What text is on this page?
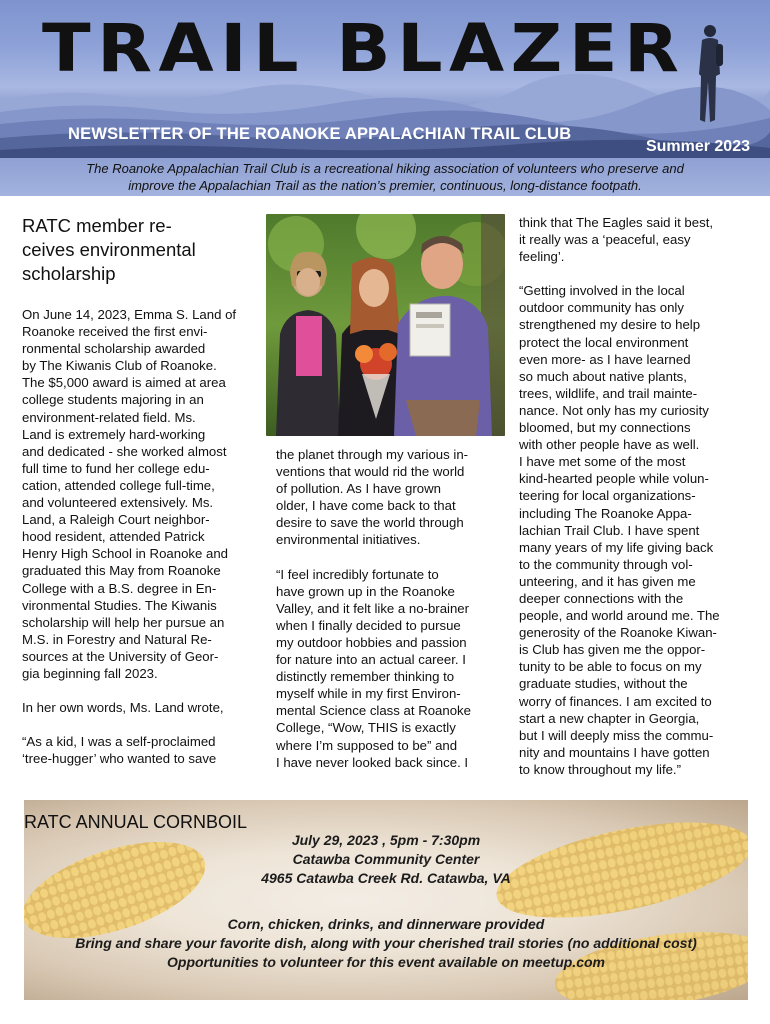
TRAIL BLAZER
NEWSLETTER OF THE ROANOKE APPALACHIAN TRAIL CLUB
Summer 2023
The Roanoke Appalachian Trail Club is a recreational hiking association of volunteers who preserve and
improve the Appalachian Trail as the nation’s premier, continuous, long-distance footpath.
RATC member re-
ceives environmental
scholarship

On June 14, 2023, Emma S. Land of
Roanoke received the first envi-
ronmental scholarship awarded
by The Kiwanis Club of Roanoke.
The $5,000 award is aimed at area
college students majoring in an
environment-related field. Ms.
Land is extremely hard-working
and dedicated - she worked almost
full time to fund her college edu-
cation, attended college full-time,
and volunteered extensively. Ms.
Land, a Raleigh Court neighbor-
hood resident, attended Patrick
Henry High School in Roanoke and
graduated this May from Roanoke
College with a B.S. degree in En-
vironmental Studies. The Kiwanis
scholarship will help her pursue an
M.S. in Forestry and Natural Re-
sources at the University of Geor-
gia beginning fall 2023.

In her own words, Ms. Land wrote,

“As a kid, I was a self-proclaimed
‘tree-hugger’ who wanted to save

the planet through my various in-
ventions that would rid the world
of pollution. As I have grown
older, I have come back to that
desire to save the world through
environmental initiatives.

“I feel incredibly fortunate to
have grown up in the Roanoke
Valley, and it felt like a no-brainer
when I finally decided to pursue
my outdoor hobbies and passion
for nature into an actual career. I
distinctly remember thinking to
myself while in my first Environ-
mental Science class at Roanoke
College, “Wow, THIS is exactly
where I’m supposed to be” and
I have never looked back since. I

think that The Eagles said it best,
it really was a ‘peaceful, easy
feeling’.

“Getting involved in the local
outdoor community has only
strengthened my desire to help
protect the local environment
even more- as I have learned
so much about native plants,
trees, wildlife, and trail mainte-
nance. Not only has my curiosity
bloomed, but my connections
with other people have as well.
I have met some of the most
kind-hearted people while volun-
teering for local organizations-
including The Roanoke Appa-
lachian Trail Club. I have spent
many years of my life giving back
to the community through vol-
unteering, and it has given me
deeper connections with the
people, and world around me. The
generosity of the Roanoke Kiwan-
is Club has given me the oppor-
tunity to be able to focus on my
graduate studies, without the
worry of finances. I am excited to
start a new chapter in Georgia,
but I will deeply miss the commu-
nity and mountains I have gotten
to know throughout my life.”

RATC ANNUAL CORNBOIL
July 29, 2023 , 5pm - 7:30pm
Catawba Community Center
4965 Catawba Creek Rd. Catawba, VA
Corn, chicken, drinks, and dinnerware provided
Bring and share your favorite dish, along with your cherished trail stories (no additional cost)
Opportunities to volunteer for this event available on meetup.com
